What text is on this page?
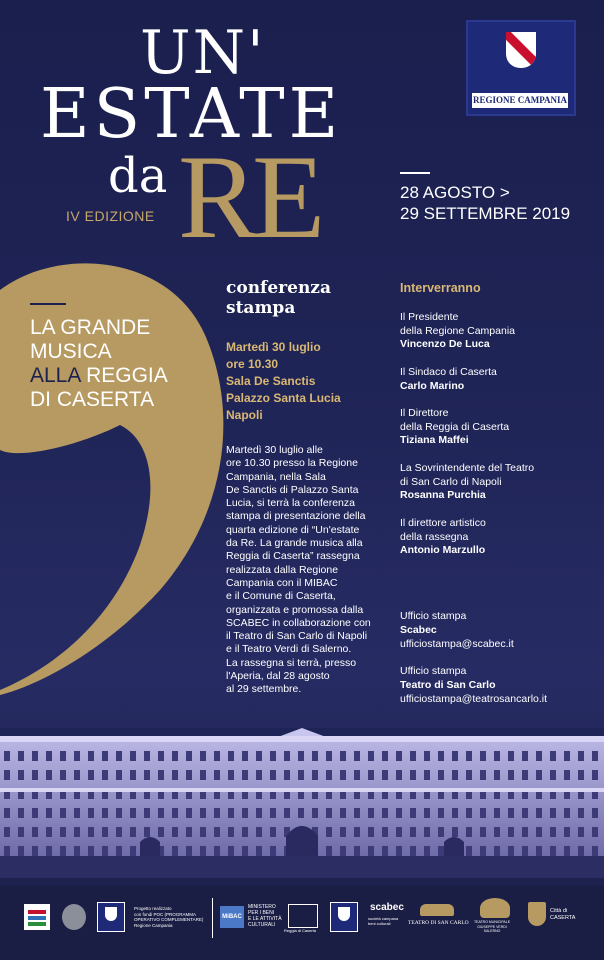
UN'
ESTATE
da RE
IV EDIZIONE
REGIONE CAMPANIA
28 AGOSTO >
29 SETTEMBRE 2019
LA GRANDE
MUSICA
ALLA REGGIA
DI CASERTA
conferenza
stampa
Martedì 30 luglio
ore 10.30
Sala De Sanctis
Palazzo Santa Lucia
Napoli
Martedì 30 luglio alle
ore 10.30 presso la Regione
Campania, nella Sala
De Sanctis di Palazzo Santa
Lucia, si terrà la conferenza
stampa di presentazione della
quarta edizione di “Un'estate
da Re. La grande musica alla
Reggia di Caserta” rassegna
realizzata dalla Regione
Campania con il MIBAC
e il Comune di Caserta,
organizzata e promossa dalla
SCABEC in collaborazione con
il Teatro di San Carlo di Napoli
e il Teatro Verdi di Salerno.
La rassegna si terrà, presso
l'Aperia, dal 28 agosto
al 29 settembre.
Interverranno
Il Presidente
della Regione Campania
Vincenzo De Luca
Il Sindaco di Caserta
Carlo Marino
Il Direttore
della Reggia di Caserta
Tiziana Maffei
La Sovrintendente del Teatro
di San Carlo di Napoli
Rosanna Purchia
Il direttore artistico
della rassegna
Antonio Marzullo
Ufficio stampa
Scabec
ufficiostampa@scabec.it
Ufficio stampa
Teatro di San Carlo
ufficiostampa@teatrosancarlo.it
Progetto realizzato
con fondi POC (PROGRAMMA
OPERATIVO COMPLEMENTARE)
Regione Campania
MiBAC
MINISTERO
PER I BENI
E LE ATTIVITÀ
CULTURALI
Reggia di Caserta
scabec
società campana
beni culturali	TEATRO DI SAN CARLO TEATRO MUNICIPALE
GIUSEPPE VERDI
SALERNO
Città di
CASERTA
